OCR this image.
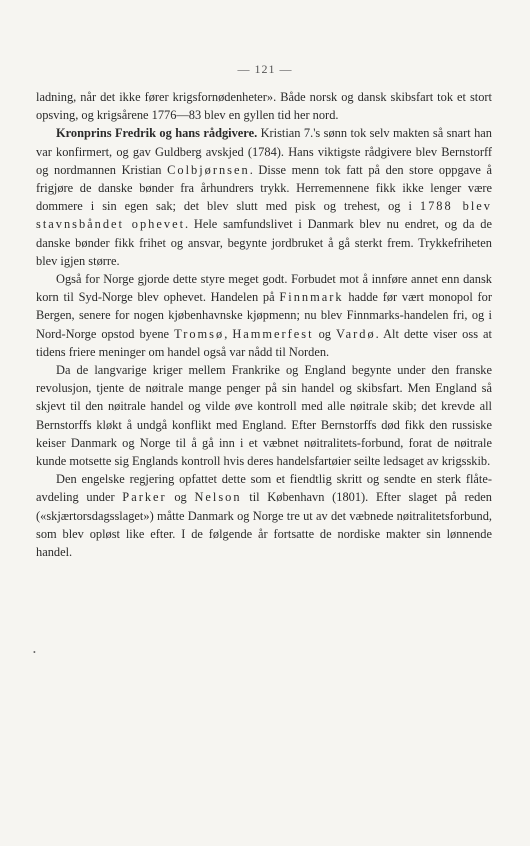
— 121 —

ladning, når det ikke fører krigsfornødenheter». Både norsk og dansk skibsfart tok et stort opsving, og krigsårene 1776—83 blev en gyllen tid her nord.

Kronprins Fredrik og hans rådgivere. Kristian 7.'s sønn tok selv makten så snart han var konfirmert, og gav Guldberg avskjed (1784). Hans viktigste rådgivere blev Bernstorff og nordmannen Kristian Colbjørnsen. Disse menn tok fatt på den store oppgave å frigjøre de danske bønder fra århundrers trykk. Herremennene fikk ikke lenger være dommere i sin egen sak; det blev slutt med pisk og trehest, og i 1788 blev stavnsbåndet ophevet. Hele samfundslivet i Danmark blev nu endret, og da de danske bønder fikk frihet og ansvar, begynte jordbruket å gå sterkt frem. Trykkefriheten blev igjen større.

Også for Norge gjorde dette styre meget godt. Forbudet mot å innføre annet enn dansk korn til Syd-Norge blev ophevet. Handelen på Finnmark hadde før vært monopol for Bergen, senere for nogen kjøbenhavnske kjøpmenn; nu blev Finnmarks-handelen fri, og i Nord-Norge opstod byene Tromsø, Hammerfest og Vardø. Alt dette viser oss at tidens friere meninger om handel også var nådd til Norden.

Da de langvarige kriger mellem Frankrike og England begynte under den franske revolusjon, tjente de nøitrale mange penger på sin handel og skibsfart. Men England så skjevt til den nøitrale handel og vilde øve kontroll med alle nøitrale skib; det krevde all Bernstorffs kløkt å undgå konflikt med England. Efter Bernstorffs død fikk den russiske keiser Danmark og Norge til å gå inn i et væbnet nøitralitets-forbund, forat de nøitrale kunde motsette sig Englands kontroll hvis deres handelsfartøier seilte ledsaget av krigsskib.

Den engelske regjering opfattet dette som et fiendtlig skritt og sendte en sterk flåte-avdeling under Parker og Nelson til København (1801). Efter slaget på reden («skjærtorsdagsslaget») måtte Danmark og Norge tre ut av det væbnede nøitralitetsforbund, som blev opløst like efter. I de følgende år fortsatte de nordiske makter sin lønnende handel.

•
